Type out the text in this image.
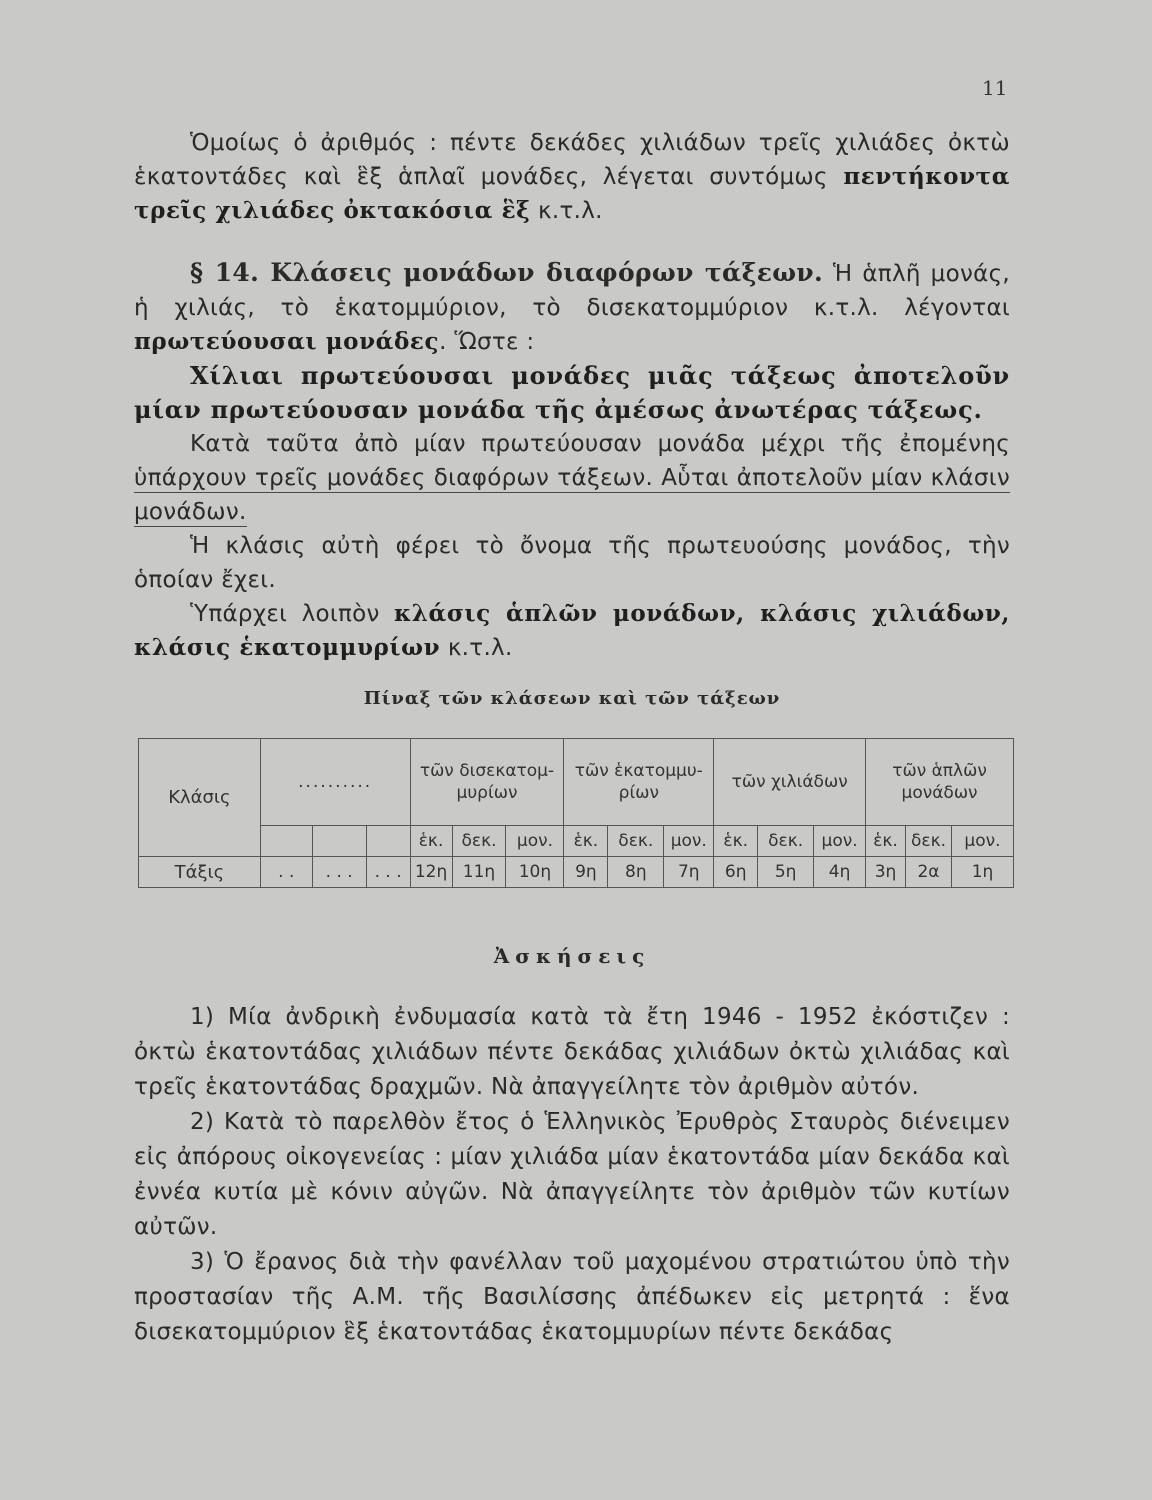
11

Ὁμοίως ὁ ἀριθμός : πέντε δεκάδες χιλιάδων τρεῖς χιλιάδες ὀκτὼ ἑκατοντάδες καὶ ἓξ ἁπλαῖ μονάδες, λέγεται συντόμως πεντήκοντα τρεῖς χιλιάδες ὀκτακόσια ἓξ κ.τ.λ.

§ 14. Κλάσεις μονάδων διαφόρων τάξεων. Ἡ ἁπλῆ μονάς, ἡ χιλιάς, τὸ ἑκατομμύριον, τὸ δισεκατομμύριον κ.τ.λ. λέγονται πρωτεύουσαι μονάδες. Ὥστε :

Χίλιαι πρωτεύουσαι μονάδες μιᾶς τάξεως ἀποτελοῦν μίαν πρωτεύουσαν μονάδα τῆς ἀμέσως ἀνωτέρας τάξεως.

Κατὰ ταῦτα ἀπὸ μίαν πρωτεύουσαν μονάδα μέχρι τῆς ἐπομένης ὑπάρχουν τρεῖς μονάδες διαφόρων τάξεων. Αὗται ἀποτελοῦν μίαν κλάσιν μονάδων.

Ἡ κλάσις αὐτὴ φέρει τὸ ὄνομα τῆς πρωτευούσης μονάδος, τὴν ὁποίαν ἔχει.

Ὑπάρχει λοιπὸν κλάσις ἁπλῶν μονάδων, κλάσις χιλιάδων, κλάσις ἑκατομμυρίων κ.τ.λ.

Πίναξ τῶν κλάσεων καὶ τῶν τάξεων
Κλάσις	..........			τῶν δισεκατομ-μυρίων			τῶν ἑκατομμυ-ρίων			τῶν χιλιάδων			τῶν ἁπλῶν μονάδων		
				ἑκ.	δεκ.	μον.	ἑκ.	δεκ.	μον.	ἑκ.	δεκ.	μον.	ἑκ.	δεκ.	μον.
Τάξις	. .	. . .	. . .	12η	11η	10η	9η	8η	7η	6η	5η	4η	3η	2α	1η
Ἀσκήσεις

1) Μία ἀνδρικὴ ἐνδυμασία κατὰ τὰ ἔτη 1946 - 1952 ἐκόστιζεν : ὀκτὼ ἑκατοντάδας χιλιάδων πέντε δεκάδας χιλιάδων ὀκτὼ χιλιάδας καὶ τρεῖς ἑκατοντάδας δραχμῶν. Νὰ ἀπαγγείλητε τὸν ἀριθμὸν αὐτόν.

2) Κατὰ τὸ παρελθὸν ἔτος ὁ Ἑλληνικὸς Ἐρυθρὸς Σταυρὸς διένειμεν εἰς ἀπόρους οἰκογενείας : μίαν χιλιάδα μίαν ἑκατοντάδα μίαν δεκάδα καὶ ἐννέα κυτία μὲ κόνιν αὐγῶν. Νὰ ἀπαγγείλητε τὸν ἀριθμὸν τῶν κυτίων αὐτῶν.

3) Ὁ ἔρανος διὰ τὴν φανέλλαν τοῦ μαχομένου στρατιώτου ὑπὸ τὴν προστασίαν τῆς Α.Μ. τῆς Βασιλίσσης ἀπέδωκεν εἰς μετρητά : ἕνα δισεκατομμύριον ἓξ ἑκατοντάδας ἑκατομμυρίων πέντε δεκάδας
